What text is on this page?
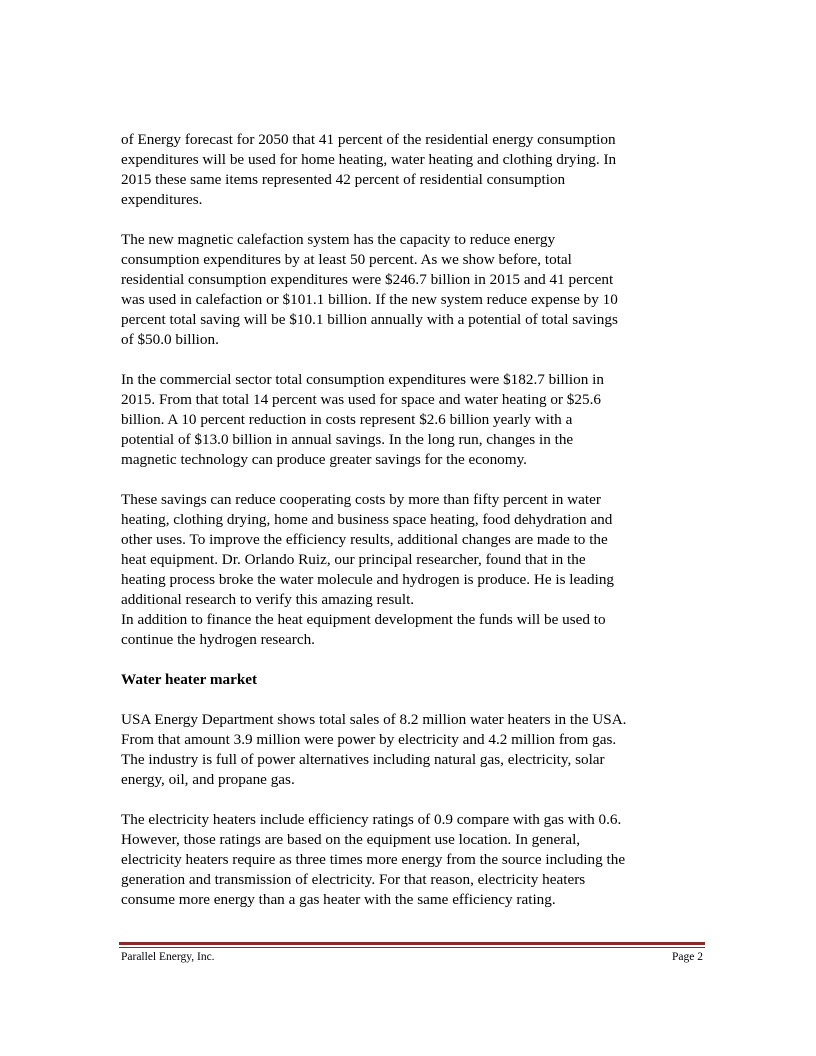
of Energy forecast for 2050 that 41 percent of the residential energy consumption
expenditures will be used for home heating, water heating and clothing drying. In
2015 these same items represented 42 percent of residential consumption
expenditures.

The new magnetic calefaction system has the capacity to reduce energy
consumption expenditures by at least 50 percent. As we show before, total
residential consumption expenditures were $246.7 billion in 2015 and 41 percent
was used in calefaction or $101.1 billion. If the new system reduce expense by 10
percent total saving will be $10.1 billion annually with a potential of total savings
of $50.0 billion.

In the commercial sector total consumption expenditures were $182.7 billion in
2015. From that total 14 percent was used for space and water heating or $25.6
billion. A 10 percent reduction in costs represent $2.6 billion yearly with a
potential of $13.0 billion in annual savings. In the long run, changes in the
magnetic technology can produce greater savings for the economy.

These savings can reduce cooperating costs by more than fifty percent in water
heating, clothing drying, home and business space heating, food dehydration and
other uses. To improve the efficiency results, additional changes are made to the
heat equipment. Dr. Orlando Ruiz, our principal researcher, found that in the
heating process broke the water molecule and hydrogen is produce. He is leading
additional research to verify this amazing result.

In addition to finance the heat equipment development the funds will be used to
continue the hydrogen research.

Water heater market

USA Energy Department shows total sales of 8.2 million water heaters in the USA.
From that amount 3.9 million were power by electricity and 4.2 million from gas.
The industry is full of power alternatives including natural gas, electricity, solar
energy, oil, and propane gas.

The electricity heaters include efficiency ratings of 0.9 compare with gas with 0.6.
However, those ratings are based on the equipment use location. In general,
electricity heaters require as three times more energy from the source including the
generation and transmission of electricity. For that reason, electricity heaters
consume more energy than a gas heater with the same efficiency rating.

Parallel Energy, Inc.	Page 2
